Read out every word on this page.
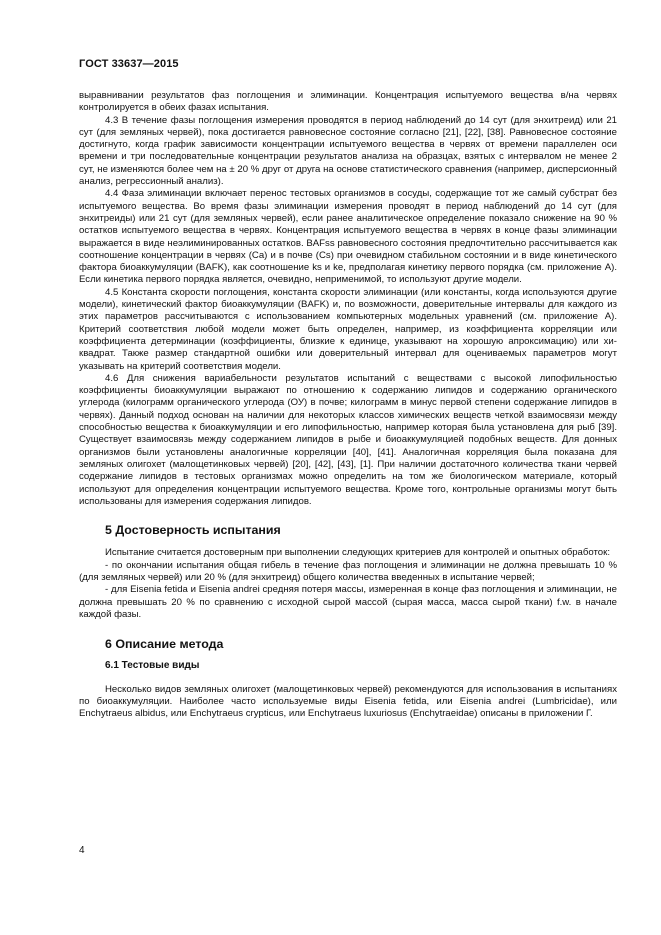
ГОСТ 33637—2015

выравнивании результатов фаз поглощения и элиминации. Концентрация испытуемого вещества в/на червях контролируется в обеих фазах испытания.

4.3 В течение фазы поглощения измерения проводятся в период наблюдений до 14 сут (для энхитреид) или 21 сут (для земляных червей), пока достигается равновесное состояние согласно [21], [22], [38]. Равновесное состояние достигнуто, когда график зависимости концентрации испытуемого вещества в червях от времени параллелен оси времени и три последовательные концентрации результатов анализа на образцах, взятых с интервалом не менее 2 сут, не изменяются более чем на ± 20 % друг от друга на основе статистического сравнения (например, дисперсионный анализ, регрессионный анализ).

4.4 Фаза элиминации включает перенос тестовых организмов в сосуды, содержащие тот же самый субстрат без испытуемого вещества. Во время фазы элиминации измерения проводят в период наблюдений до 14 сут (для энхитреиды) или 21 сут (для земляных червей), если ранее аналитическое определение показало снижение на 90 % остатков испытуемого вещества в червях. Концентрация испытуемого вещества в червях в конце фазы элиминации выражается в виде неэлиминированных остатков. BAFss равновесного состояния предпочтительно рассчитывается как соотношение концентрации в червях (Ca) и в почве (Cs) при очевидном стабильном состоянии и в виде кинетического фактора биоаккумуляции (BAFK), как соотношение ks и ke, предполагая кинетику первого порядка (см. приложение А). Если кинетика первого порядка является, очевидно, неприменимой, то используют другие модели.

4.5 Константа скорости поглощения, константа скорости элиминации (или константы, когда используются другие модели), кинетический фактор биоаккумуляции (BAFK) и, по возможности, доверительные интервалы для каждого из этих параметров рассчитываются с использованием компьютерных модельных уравнений (см. приложение А). Критерий соответствия любой модели может быть определен, например, из коэффициента корреляции или коэффициента детерминации (коэффициенты, близкие к единице, указывают на хорошую апроксимацию) или хи-квадрат. Также размер стандартной ошибки или доверительный интервал для оцениваемых параметров могут указывать на критерий соответствия модели.

4.6 Для снижения вариабельности результатов испытаний с веществами с высокой липофильностью коэффициенты биоаккумуляции выражают по отношению к содержанию липидов и содержанию органического углерода (килограмм органического углерода (ОУ) в почве; килограмм в минус первой степени содержание липидов в червях). Данный подход основан на наличии для некоторых классов химических веществ четкой взаимосвязи между способностью вещества к биоаккумуляции и его липофильностью, например которая была установлена для рыб [39]. Существует взаимосвязь между содержанием липидов в рыбе и биоаккумуляцией подобных веществ. Для донных организмов были установлены аналогичные корреляции [40], [41]. Аналогичная корреляция была показана для земляных олигохет (малощетинковых червей) [20], [42], [43], [1]. При наличии достаточного количества ткани червей содержание липидов в тестовых организмах можно определить на том же биологическом материале, который используют для определения концентрации испытуемого вещества. Кроме того, контрольные организмы могут быть использованы для измерения содержания липидов.

5 Достоверность испытания

Испытание считается достоверным при выполнении следующих критериев для контролей и опытных обработок:

- по окончании испытания общая гибель в течение фаз поглощения и элиминации не должна превышать 10 % (для земляных червей) или 20 % (для энхитреид) общего количества введенных в испытание червей;

- для Eisenia fetida и Eisenia andrei средняя потеря массы, измеренная в конце фаз поглощения и элиминации, не должна превышать 20 % по сравнению с исходной сырой массой (сырая масса, масса сырой ткани) f.w. в начале каждой фазы.

6 Описание метода
6.1 Тестовые виды

Несколько видов земляных олигохет (малощетинковых червей) рекомендуются для использования в испытаниях по биоаккумуляции. Наиболее часто используемые виды Eisenia fetida, или Eisenia andrei (Lumbricidae), или Enchytraeus albidus, или Enchytraeus crypticus, или Enchytraeus luxuriosus (Enchytraeidae) описаны в приложении Г.

4
